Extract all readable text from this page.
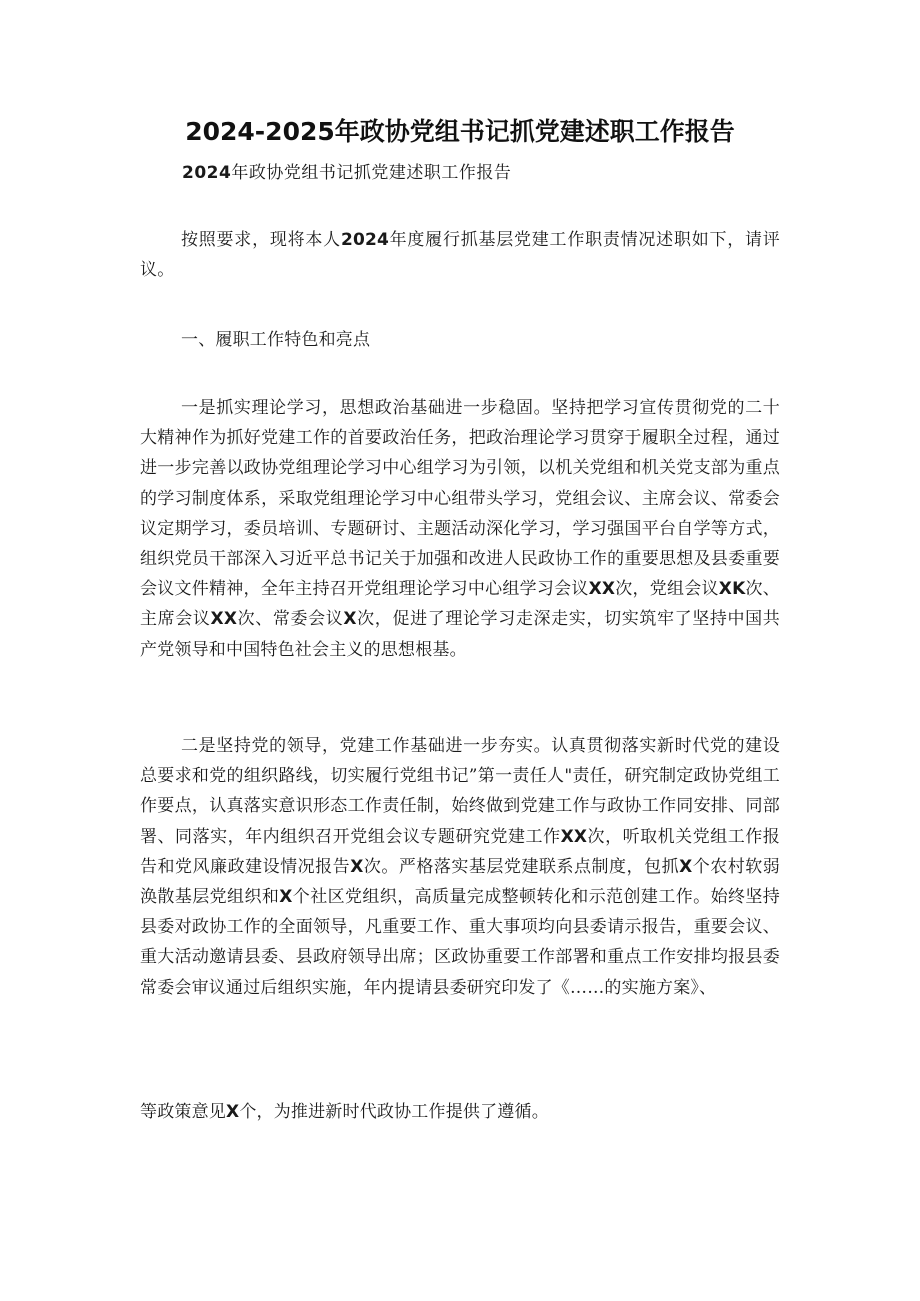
2024-2025年政协党组书记抓党建述职工作报告

2024年政协党组书记抓党建述职工作报告

按照要求，现将本人2024年度履行抓基层党建工作职责情况述职如下，请评议。

一、履职工作特色和亮点

一是抓实理论学习，思想政治基础进一步稳固。坚持把学习宣传贯彻党的二十大精神作为抓好党建工作的首要政治任务，把政治理论学习贯穿于履职全过程，通过进一步完善以政协党组理论学习中心组学习为引领，以机关党组和机关党支部为重点的学习制度体系，采取党组理论学习中心组带头学习，党组会议、主席会议、常委会议定期学习，委员培训、专题研讨、主题活动深化学习，学习强国平台自学等方式，组织党员干部深入习近平总书记关于加强和改进人民政协工作的重要思想及县委重要会议文件精神，全年主持召开党组理论学习中心组学习会议XX次，党组会议XK次、主席会议XX次、常委会议X次，促进了理论学习走深走实，切实筑牢了坚持中国共产党领导和中国特色社会主义的思想根基。

二是坚持党的领导，党建工作基础进一步夯实。认真贯彻落实新时代党的建设总要求和党的组织路线，切实履行党组书记”第一责任人"责任，研究制定政协党组工作要点，认真落实意识形态工作责任制，始终做到党建工作与政协工作同安排、同部署、同落实，年内组织召开党组会议专题研究党建工作XX次，听取机关党组工作报告和党风廉政建设情况报告X次。严格落实基层党建联系点制度，包抓X个农村软弱涣散基层党组织和X个社区党组织，高质量完成整顿转化和示范创建工作。始终坚持县委对政协工作的全面领导，凡重要工作、重大事项均向县委请示报告，重要会议、重大活动邀请县委、县政府领导出席；区政协重要工作部署和重点工作安排均报县委常委会审议通过后组织实施，年内提请县委研究印发了《……的实施方案》、

等政策意见X个，为推进新时代政协工作提供了遵循。
